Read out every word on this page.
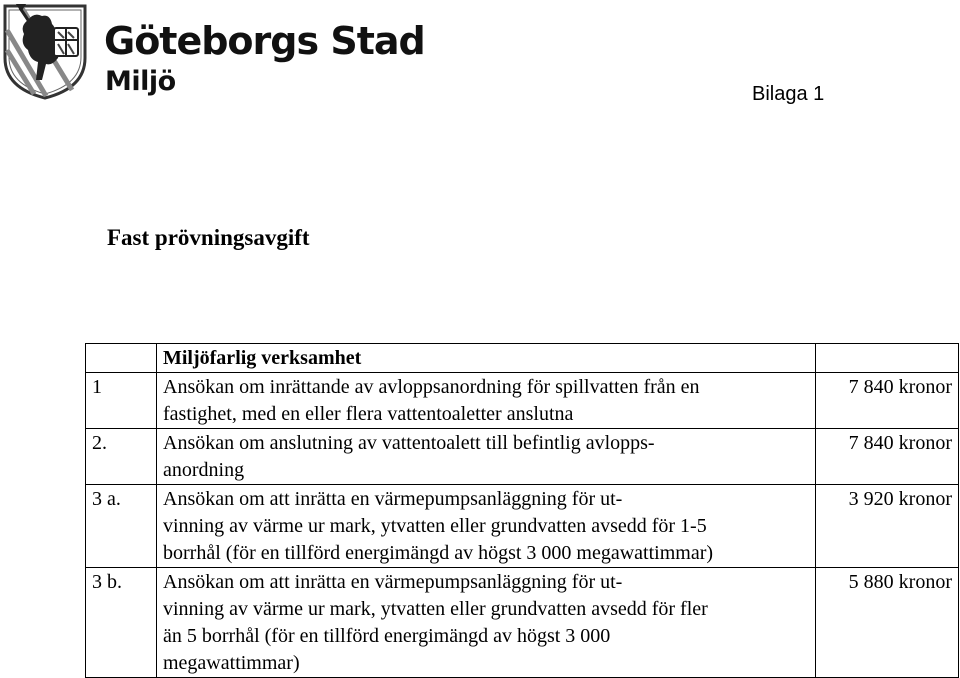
Göteborgs Stad
Miljö	Bilaga 1
Fast prövningsavgift
	Miljöfarlig verksamhet	
1	Ansökan om inrättande av avloppsanordning för spillvatten från en
fastighet, med en eller flera vattentoaletter anslutna	7 840 kronor
2.	Ansökan om anslutning av vattentoalett till befintlig avlopps-
anordning	7 840 kronor
3 a.	Ansökan om att inrätta en värmepumpsanläggning för ut-
vinning av värme ur mark, ytvatten eller grundvatten avsedd för 1-5
borrhål (för en tillförd energimängd av högst 3 000 megawattimmar)	3 920 kronor
3 b.	Ansökan om att inrätta en värmepumpsanläggning för ut-
vinning av värme ur mark, ytvatten eller grundvatten avsedd för fler
än 5 borrhål (för en tillförd energimängd av högst 3 000
megawattimmar)	5 880 kronor
